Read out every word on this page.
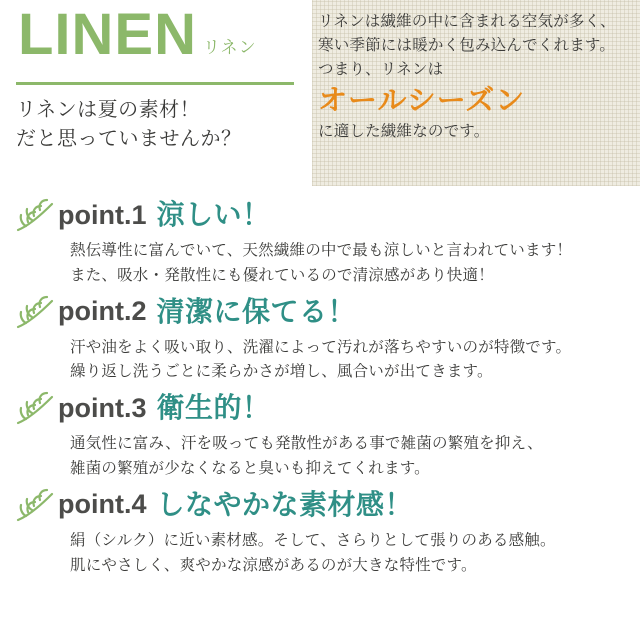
LINEN リネン
リネンは夏の素材！
だと思っていませんか？

リネンは繊維の中に含まれる空気が多く、

寒い季節には暖かく包み込んでくれます。

つまり、リネンは

オールシーズン

に適した繊維なのです。

point.1 涼しい！
熱伝導性に富んでいて、天然繊維の中で最も涼しいと言われています！
また、吸水・発散性にも優れているので清涼感があり快適！
point.2 清潔に保てる！
汗や油をよく吸い取り、洗濯によって汚れが落ちやすいのが特徴です。
繰り返し洗うごとに柔らかさが増し、風合いが出てきます。
point.3 衛生的！
通気性に富み、汗を吸っても発散性がある事で雑菌の繁殖を抑え、
雑菌の繁殖が少なくなると臭いも抑えてくれます。
point.4 しなやかな素材感！
絹（シルク）に近い素材感。そして、さらりとして張りのある感触。
肌にやさしく、爽やかな涼感があるのが大きな特性です。
